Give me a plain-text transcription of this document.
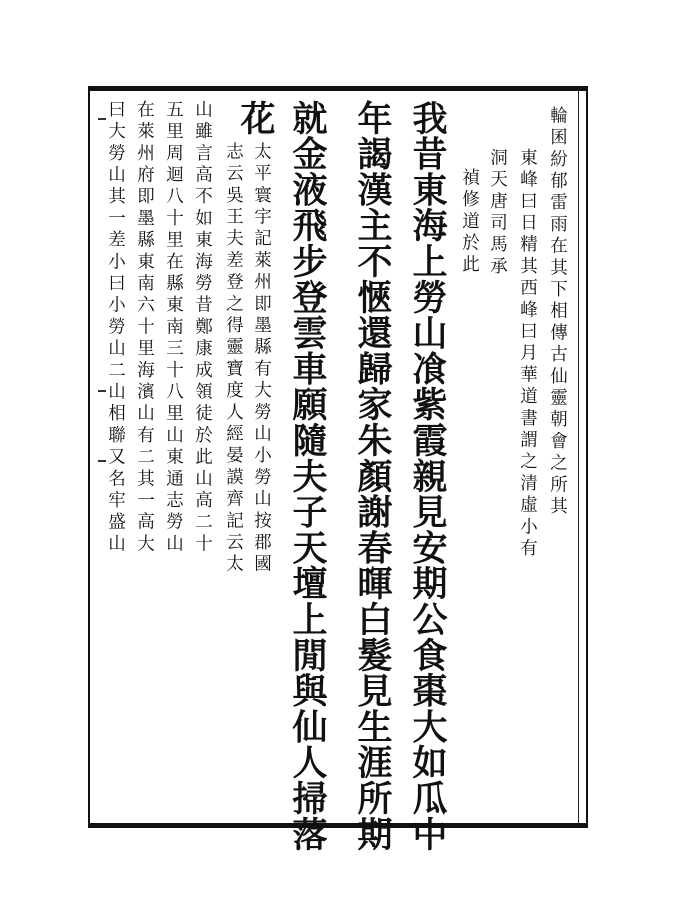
輪囷紛郁雷雨在其下相傳古仙靈朝會之所其
東峰曰日精其西峰曰月華道書謂之清虛小有
洞天唐司馬承
禎修道於此
我昔東海上勞山飡紫霞親見安期公食棗大如瓜中
年謁漢主不愜還歸家朱顏謝春暉白髮見生涯所期
就金液飛步登雲車願隨夫子天壇上閒與仙人掃落
花
太平寰宇記萊州即墨縣有大勞山小勞山按郡國
志云吳王夫差登之得靈寶度人經晏謨齊記云太
山雖言高不如東海勞昔鄭康成領徒於此山高二十
五里周迴八十里在縣東南三十八里山東通志勞山
在萊州府即墨縣東南六十里海濱山有二其一高大
曰大勞山其一差小曰小勞山二山相聯又名牢盛山
